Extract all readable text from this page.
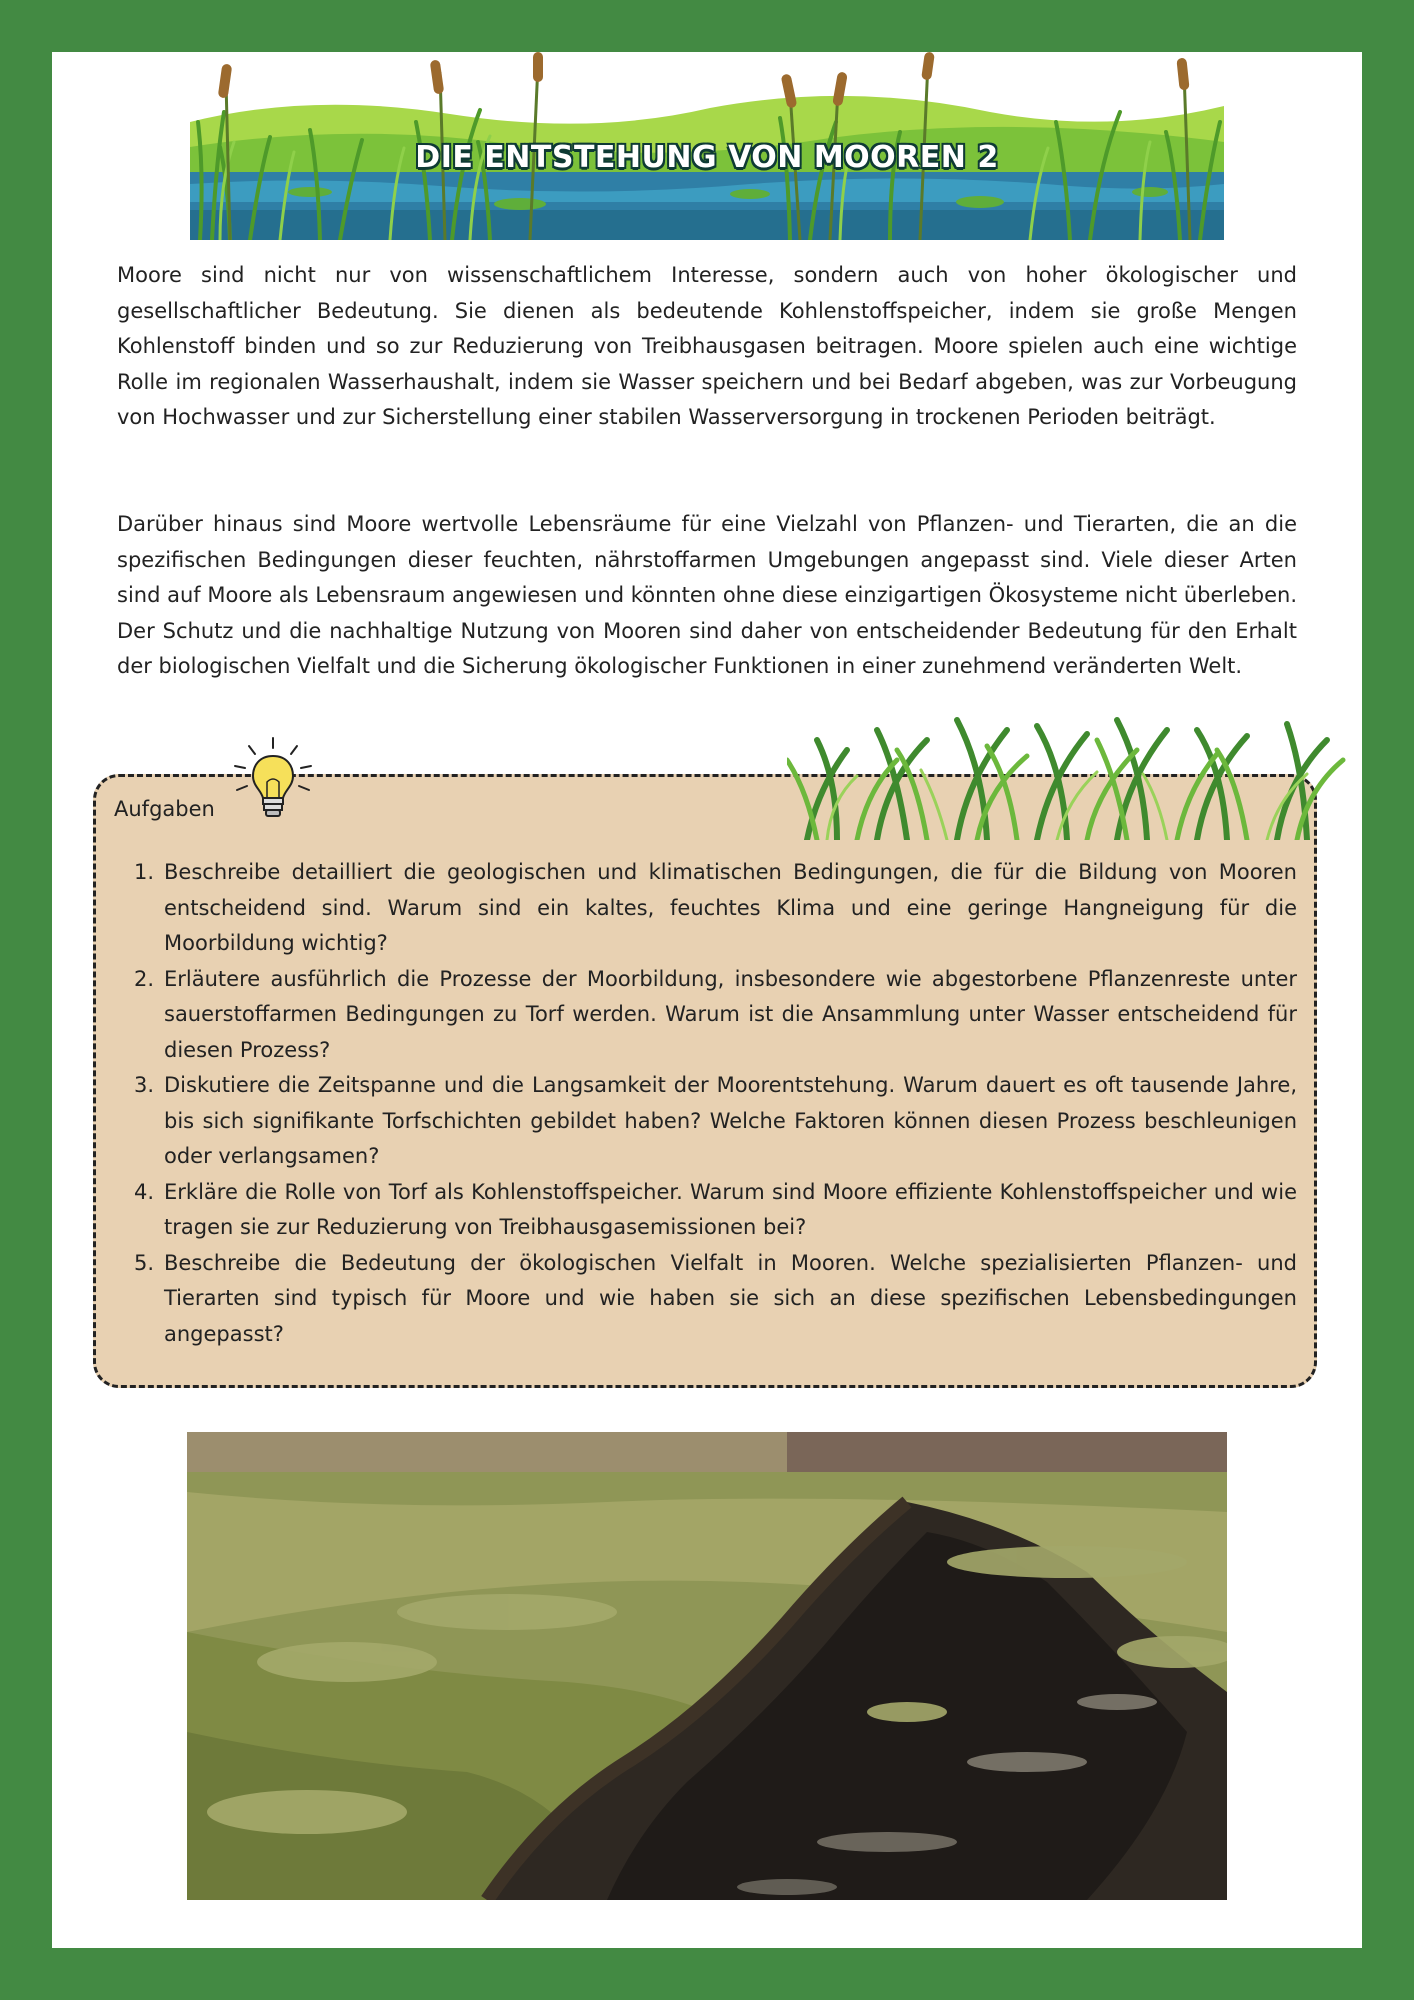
DIE ENTSTEHUNG VON MOOREN 2

Moore sind nicht nur von wissenschaftlichem Interesse, sondern auch von hoher ökologischer und gesellschaftlicher Bedeutung. Sie dienen als bedeutende Kohlenstoffspeicher, indem sie große Mengen Kohlenstoff binden und so zur Reduzierung von Treibhausgasen beitragen. Moore spielen auch eine wichtige Rolle im regionalen Wasserhaushalt, indem sie Wasser speichern und bei Bedarf abgeben, was zur Vorbeugung von Hochwasser und zur Sicherstellung einer stabilen Wasserversorgung in trockenen Perioden beiträgt.

Darüber hinaus sind Moore wertvolle Lebensräume für eine Vielzahl von Pflanzen- und Tierarten, die an die spezifischen Bedingungen dieser feuchten, nährstoffarmen Umgebungen angepasst sind. Viele dieser Arten sind auf Moore als Lebensraum angewiesen und könnten ohne diese einzigartigen Ökosysteme nicht überleben. Der Schutz und die nachhaltige Nutzung von Mooren sind daher von entscheidender Bedeutung für den Erhalt der biologischen Vielfalt und die Sicherung ökologischer Funktionen in einer zunehmend veränderten Welt.

Aufgaben
1. Beschreibe detailliert die geologischen und klimatischen Bedingungen, die für die Bildung von Mooren entscheidend sind. Warum sind ein kaltes, feuchtes Klima und eine geringe Hangneigung für die Moorbildung wichtig?
2. Erläutere ausführlich die Prozesse der Moorbildung, insbesondere wie abgestorbene Pflanzenreste unter sauerstoffarmen Bedingungen zu Torf werden. Warum ist die Ansammlung unter Wasser entscheidend für diesen Prozess?
3. Diskutiere die Zeitspanne und die Langsamkeit der Moorentstehung. Warum dauert es oft tausende Jahre, bis sich signifikante Torfschichten gebildet haben? Welche Faktoren können diesen Prozess beschleunigen oder verlangsamen?
4. Erkläre die Rolle von Torf als Kohlenstoffspeicher. Warum sind Moore effiziente Kohlenstoffspeicher und wie tragen sie zur Reduzierung von Treibhausgasemissionen bei?
5. Beschreibe die Bedeutung der ökologischen Vielfalt in Mooren. Welche spezialisierten Pflanzen- und Tierarten sind typisch für Moore und wie haben sie sich an diese spezifischen Lebensbedingungen angepasst?
